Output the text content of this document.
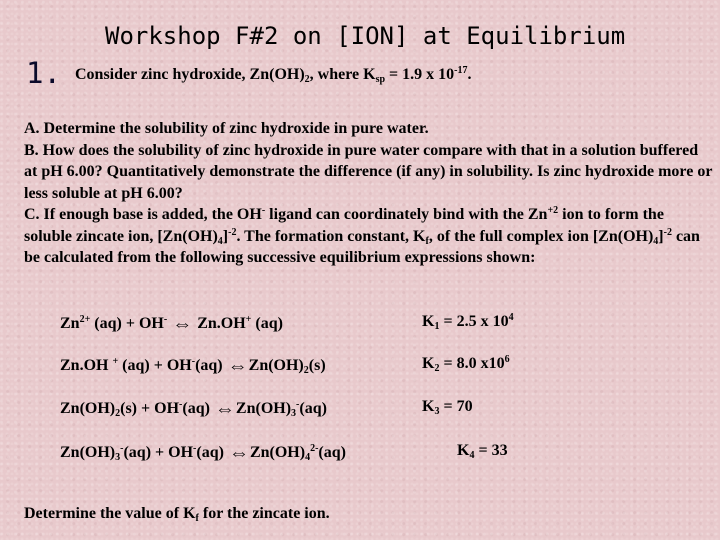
Workshop F#2 on [ION] at Equilibrium
1. Consider zinc hydroxide, $Zn(OH)_2$, where $K_{sp} = 1.9$ x $10^{-17}$.

A. Determine the solubility of zinc hydroxide in pure water.

B. How does the solubility of zinc hydroxide in pure water compare with that in a solution buffered at pH 6.00? Quantitatively demonstrate the difference (if any) in solubility. Is zinc hydroxide more or less soluble at pH 6.00?

C. If enough base is added, the OH- ligand can coordinately bind with the $Zn^{+2}$ ion to form the soluble zincate ion, $[Zn(OH)_4]^{-2}$. The formation constant, $K_f$, of the full complex ion $[Zn(OH)_4]^{-2}$ can be calculated from the following successive equilibrium expressions shown:

$Zn^{2+}$ (aq) + OH- ⇔ Zn.OH+ (aq)	$K_1 = 2.5$ x $10^4$
Zn.OH + (aq) + OH-(aq) $\Leftrightarrow Zn(OH)_2(s)$	$K_2 = 8.0$ $x10^6$
$Zn(OH)_2(s) + OH^-(aq)$ $\Leftrightarrow Zn(OH)_3^-(aq)$	$K_3 = 70$
$Zn(OH)_3^-(aq) + OH^-(aq)$ $\Leftrightarrow Zn(OH)_4^{2-}(aq)$	$K_4 = 33$
Determine the value of $K_f$ for the zincate ion.
